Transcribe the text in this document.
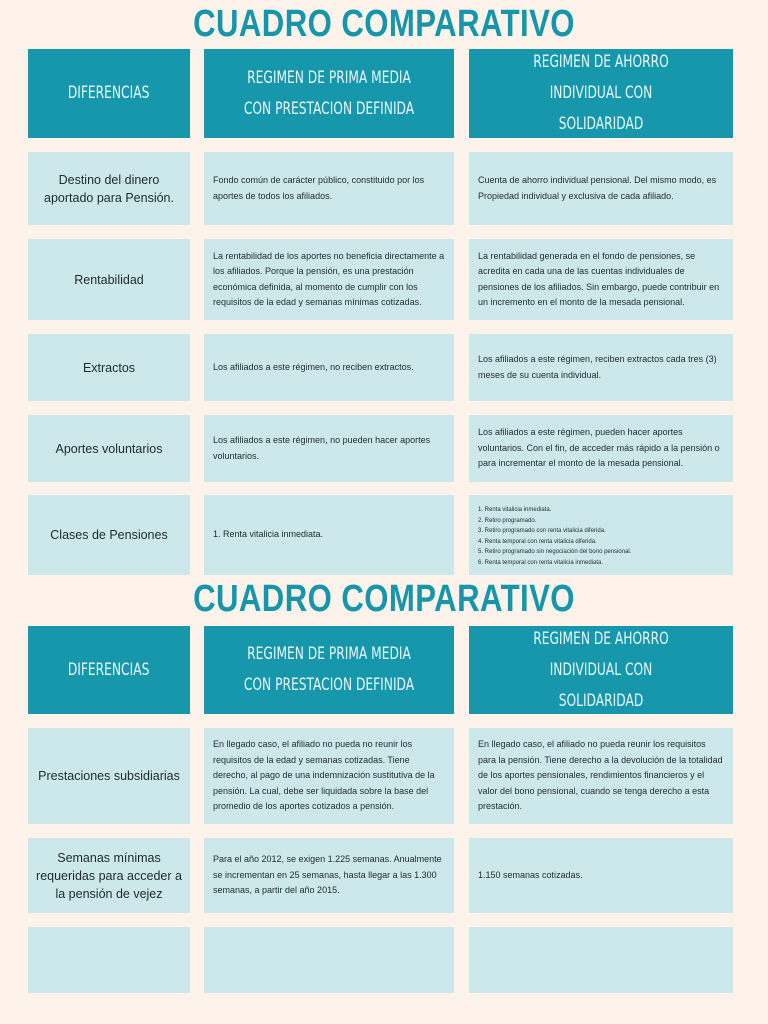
CUADRO COMPARATIVO
DIFERENCIAS
REGIMEN DE PRIMA MEDIA CON PRESTACION DEFINIDA
REGIMEN DE AHORRO INDIVIDUAL CON SOLIDARIDAD
Destino del dinero aportado para Pensión.
Fondo común de carácter público, constituido por los aportes de todos los afiliados.
Cuenta de ahorro individual pensional. Del mismo modo, es Propiedad individual y exclusiva de cada afiliado.
Rentabilidad
La rentabilidad de los aportes no beneficia directamente a los afiliados. Porque la pensión, es una prestación económica definida, al momento de cumplir con los requisitos de la edad y semanas mínimas cotizadas.
La rentabilidad generada en el fondo de pensiones, se acredita en cada una de las cuentas individuales de pensiones de los afiliados. Sin embargo, puede contribuir en un incremento en el monto de la mesada pensional.
Extractos	Los afiliados a este régimen, no reciben extractos.
Los afiliados a este régimen, reciben extractos cada tres (3) meses de su cuenta individual.
Aportes voluntarios
Los afiliados a este régimen, no pueden hacer aportes voluntarios.
Los afiliados a este régimen, pueden hacer aportes voluntarios. Con el fin, de acceder más rápido a la pensión o para incrementar el monto de la mesada pensional.
Clases de Pensiones	1. Renta vitalicia inmediata.
1. Renta vitalicia inmediata.
2. Retiro programado.
3. Retiro programado con renta vitalicia diferida.
4. Renta temporal con renta vitalicia diferida.
5. Retiro programado sin negociación del bono pensional.
6. Renta temporal con renta vitalicia inmediata.
CUADRO COMPARATIVO
DIFERENCIAS
REGIMEN DE PRIMA MEDIA CON PRESTACION DEFINIDA
REGIMEN DE AHORRO INDIVIDUAL CON SOLIDARIDAD
Prestaciones subsidiarias
En llegado caso, el afiliado no pueda no reunir los requisitos de la edad y semanas cotizadas. Tiene derecho, al pago de una indemnización sustitutiva de la pensión. La cual, debe ser liquidada sobre la base del promedio de los aportes cotizados a pensión.
En llegado caso, el afiliado no pueda reunir los requisitos para la pensión. Tiene derecho a la devolución de la totalidad de los aportes pensionales, rendimientos financieros y el valor del bono pensional, cuando se tenga derecho a esta prestación.
Semanas mínimas requeridas para acceder a la pensión de vejez
Para el año 2012, se exigen 1.225 semanas. Anualmente se incrementan en 25 semanas, hasta llegar a las 1.300 semanas, a partir del año 2015.
1.150 semanas cotizadas.
